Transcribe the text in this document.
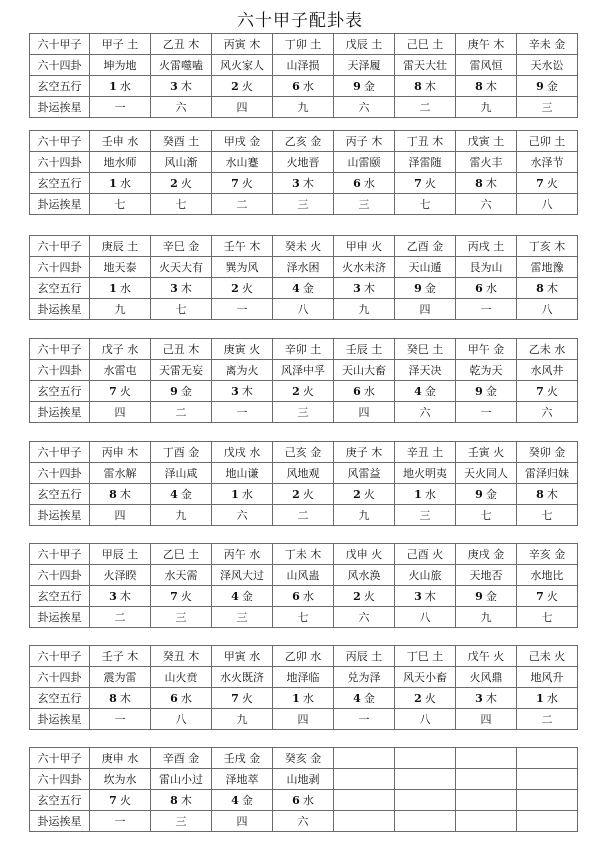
六十甲子配卦表
六十甲子	甲子 土	乙丑 木	丙寅 木	丁卯 土	戊辰 土	己巳 土	庚午 木	辛未 金
六十四卦	坤为地	火雷噬嗑	风火家人	山泽损	天泽履	雷天大壮	雷风恒	天水讼
玄空五行	1 水	3 木	2 火	6 水	9 金	8 木	8 木	9 金
卦运挨星	一	六	四	九	六	二	九	三
六十甲子	壬申 水	癸酉 土	甲戌 金	乙亥 金	丙子 木	丁丑 木	戊寅 土	己卯 土
六十四卦	地水师	风山渐	水山蹇	火地晋	山雷颐	泽雷随	雷火丰	水泽节
玄空五行	1 水	2 火	7 火	3 木	6 水	7 火	8 木	7 火
卦运挨星	七	七	二	三	三	七	六	八
六十甲子	庚辰 土	辛巳 金	壬午 木	癸未 火	甲申 火	乙酉 金	丙戌 土	丁亥 木
六十四卦	地天泰	火天大有	巽为风	泽水困	火水未济	天山遁	艮为山	雷地豫
玄空五行	1 水	3 木	2 火	4 金	3 木	9 金	6 水	8 木
卦运挨星	九	七	一	八	九	四	一	八
六十甲子	戊子 水	己丑 木	庚寅 火	辛卯 土	壬辰 土	癸巳 土	甲午 金	乙未 水
六十四卦	水雷屯	天雷无妄	离为火	风泽中孚	天山大畜	泽天决	乾为天	水风井
玄空五行	7 火	9 金	3 木	2 火	6 水	4 金	9 金	7 火
卦运挨星	四	二	一	三	四	六	一	六
六十甲子	丙申 木	丁酉 金	戊戌 水	己亥 金	庚子 木	辛丑 土	壬寅 火	癸卯 金
六十四卦	雷水解	泽山咸	地山谦	风地观	风雷益	地火明夷	天火同人	雷泽归妹
玄空五行	8 木	4 金	1 水	2 火	2 火	1 水	9 金	8 木
卦运挨星	四	九	六	二	九	三	七	七
六十甲子	甲辰 土	乙巳 土	丙午 水	丁未 木	戊申 火	己酉 火	庚戌 金	辛亥 金
六十四卦	火泽睽	水天需	泽风大过	山风蛊	风水涣	火山旅	天地否	水地比
玄空五行	3 木	7 火	4 金	6 水	2 火	3 木	9 金	7 火
卦运挨星	二	三	三	七	六	八	九	七
六十甲子	壬子 木	癸丑 木	甲寅 水	乙卯 水	丙辰 土	丁巳 土	戊午 火	己未 火
六十四卦	震为雷	山火贲	水火既济	地泽临	兑为泽	风天小畜	火风鼎	地风升
玄空五行	8 木	6 水	7 火	1 水	4 金	2 火	3 木	1 水
卦运挨星	一	八	九	四	一	八	四	二
六十甲子	庚申 水	辛酉 金	壬戌 金	癸亥 金				
六十四卦	坎为水	雷山小过	泽地萃	山地剥				
玄空五行	7 火	8 木	4 金	6 水				
卦运挨星	一	三	四	六				
